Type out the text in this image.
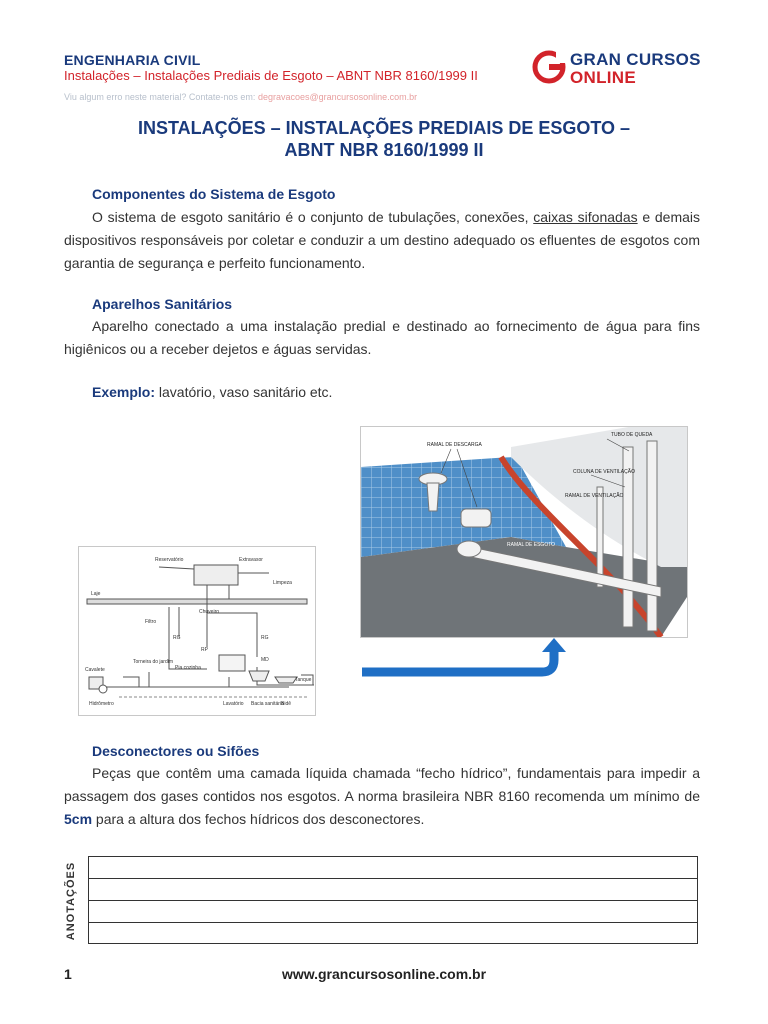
ENGENHARIA CIVIL
Instalações – Instalações Prediais de Esgoto – ABNT NBR 8160/1999 II
Viu algum erro neste material? Contate-nos em: degravacoes@grancursosonline.com.br
GRAN CURSOS
ONLINE
INSTALAÇÕES – INSTALAÇÕES PREDIAIS DE ESGOTO –
ABNT NBR 8160/1999 II
Componentes do Sistema de Esgoto
O sistema de esgoto sanitário é o conjunto de tubulações, conexões, caixas sifonadas e demais dispositivos responsáveis por coletar e conduzir a um destino adequado os efluentes de esgotos com garantia de segurança e perfeito funcionamento.
Aparelhos Sanitários
Aparelho conectado a uma instalação predial e destinado ao fornecimento de água para fins higiênicos ou a receber dejetos e águas servidas.
Exemplo: lavatório, vaso sanitário etc.
Reservatório	Extravasor
Limpeza
Laje
Filtro
Chuveiro
RG	RG
RP
MD
Torneira do jardim
Pia cozinha
Cavalete
Tanque
Hidrômetro	Lavatório Bacia sanitária
Bidê
TUBO DE QUEDA
RAMAL DE DESCARGA
COLUNA DE VENTILAÇÃO
RAMAL DE VENTILAÇÃO
RAMAL DE ESGOTO
Desconectores ou Sifões
Peças que contêm uma camada líquida chamada “fecho hídrico”, fundamentais para impedir a passagem dos gases contidos nos esgotos. A norma brasileira NBR 8160 recomenda um mínimo de 5cm para a altura dos fechos hídricos dos desconectores.
ANOTAÇÕES
1	www.grancursosonline.com.br
